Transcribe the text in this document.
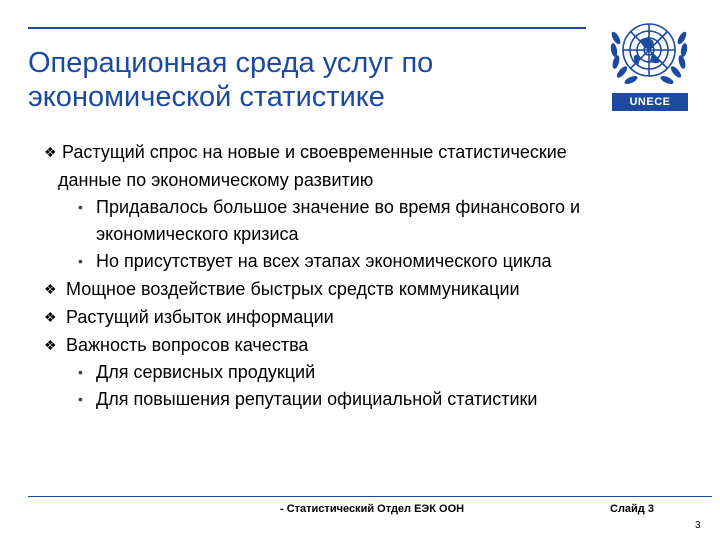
Операционная среда услуг по экономической статистике	UNECE
❖ Растущий спрос на новые и своевременные статистические
данные по экономическому развитию
• Придавалось большое значение во время финансового и экономического кризиса
• Но присутствует на всех этапах экономического цикла
❖ Мощное воздействие быстрых средств коммуникации
❖ Растущий избыток информации
❖ Важность вопросов качества
• Для сервисных продукций
• Для повышения репутации официальной статистики
- Статистический Отдел ЕЭК ООН	Слайд 3
3
